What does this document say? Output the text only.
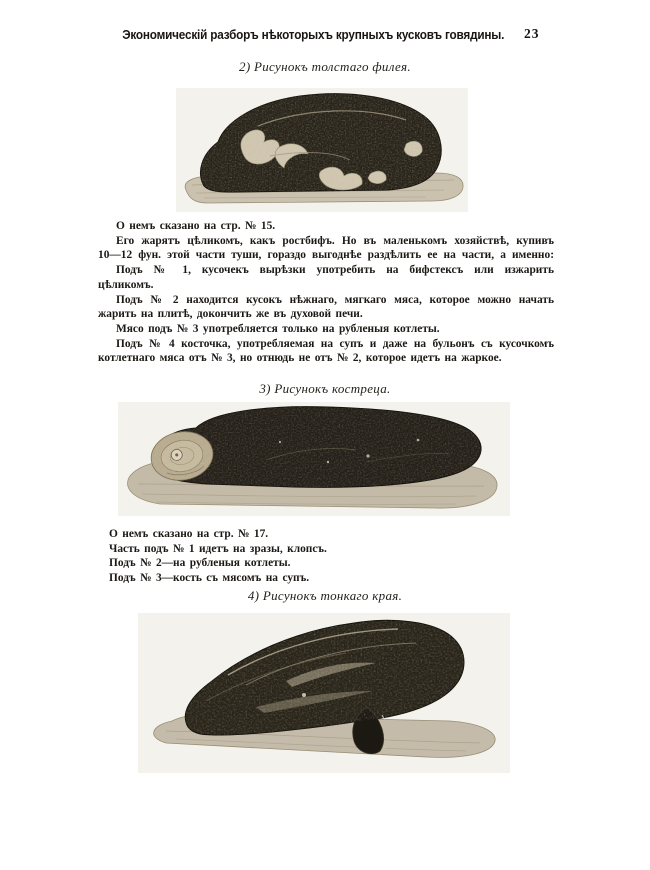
Экономическій разборъ нѣкоторыхъ крупныхъ кусковъ говядины.	23
2) Рисунокъ толстаго филея.
О немъ сказано на стр. № 15.
Его жарятъ цѣликомъ, какъ ростбифъ. Но въ маленькомъ хозяйствѣ, купивъ
10—12 фун. этой части туши, гораздо выгоднѣе раздѣлить ее на части, а именно:
Подъ № 1, кусочекъ вырѣзки употребить на бифстексъ или изжарить
цѣликомъ.
Подъ № 2 находится кусокъ нѣжнаго, мягкаго мяса, которое можно начать
жарить на плитѣ, докончить же въ духовой печи.
Мясо подъ № 3 употребляется только на рубленыя котлеты.
Подъ № 4 косточка, употребляемая на супъ и даже на бульонъ съ кусочкомъ
котлетнаго мяса отъ № 3, но отнюдь не отъ № 2, которое идетъ на жаркое.
3) Рисунокъ костреца.
О немъ сказано на стр. № 17.
Часть подъ № 1 идетъ на зразы, клопсъ.
Подъ № 2—на рубленыя котлеты.
Подъ № 3—кость съ мясомъ на супъ.
4) Рисунокъ тонкаго края.
